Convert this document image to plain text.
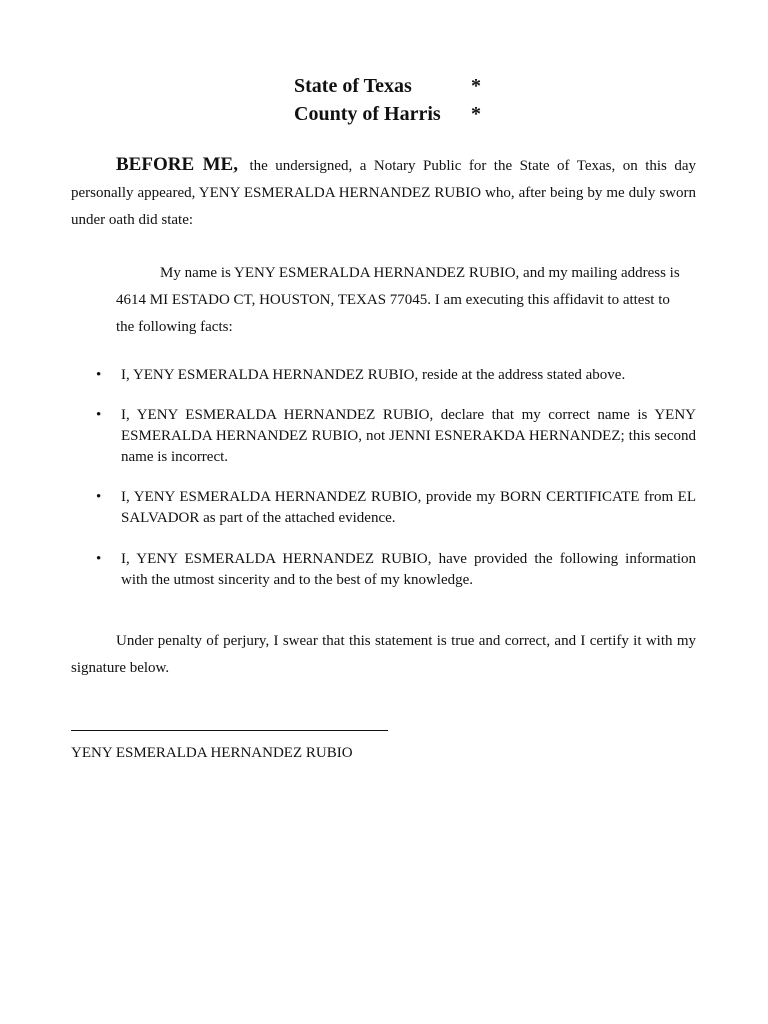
State of Texas	*
County of Harris	*

BEFORE ME, the undersigned, a Notary Public for the State of Texas, on this day personally appeared, YENY ESMERALDA HERNANDEZ RUBIO who, after being by me duly sworn under oath did state:

My name is YENY ESMERALDA HERNANDEZ RUBIO, and my mailing address is 4614 MI ESTADO CT, HOUSTON, TEXAS 77045. I am executing this affidavit to attest to the following facts:

•	I, YENY ESMERALDA HERNANDEZ RUBIO, reside at the address stated above.
•	I, YENY ESMERALDA HERNANDEZ RUBIO, declare that my correct name is YENY ESMERALDA HERNANDEZ RUBIO, not JENNI ESNERAKDA HERNANDEZ; this second name is incorrect.
•	I, YENY ESMERALDA HERNANDEZ RUBIO, provide my BORN CERTIFICATE from EL SALVADOR as part of the attached evidence.
•	I, YENY ESMERALDA HERNANDEZ RUBIO, have provided the following information with the utmost sincerity and to the best of my knowledge.

Under penalty of perjury, I swear that this statement is true and correct, and I certify it with my signature below.

YENY ESMERALDA HERNANDEZ RUBIO
